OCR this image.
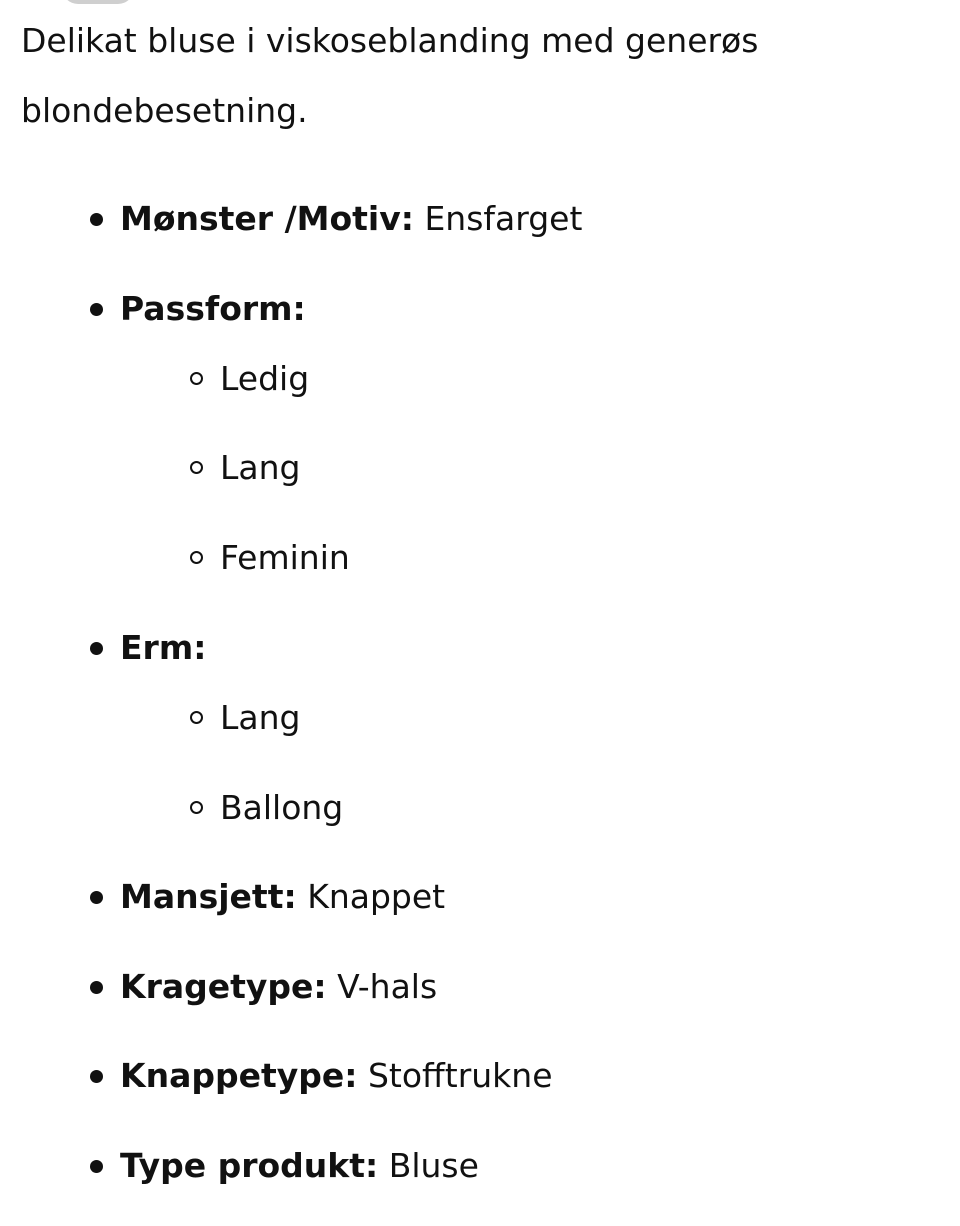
Delikat bluse i viskoseblanding med generøs blondebesetning.

Mønster /Motiv: Ensfarget
Passform:
Ledig
Lang
Feminin
Erm:
Lang
Ballong
Mansjett: Knappet
Kragetype: V-hals
Knappetype: Stofftrukne
Type produkt: Bluse
